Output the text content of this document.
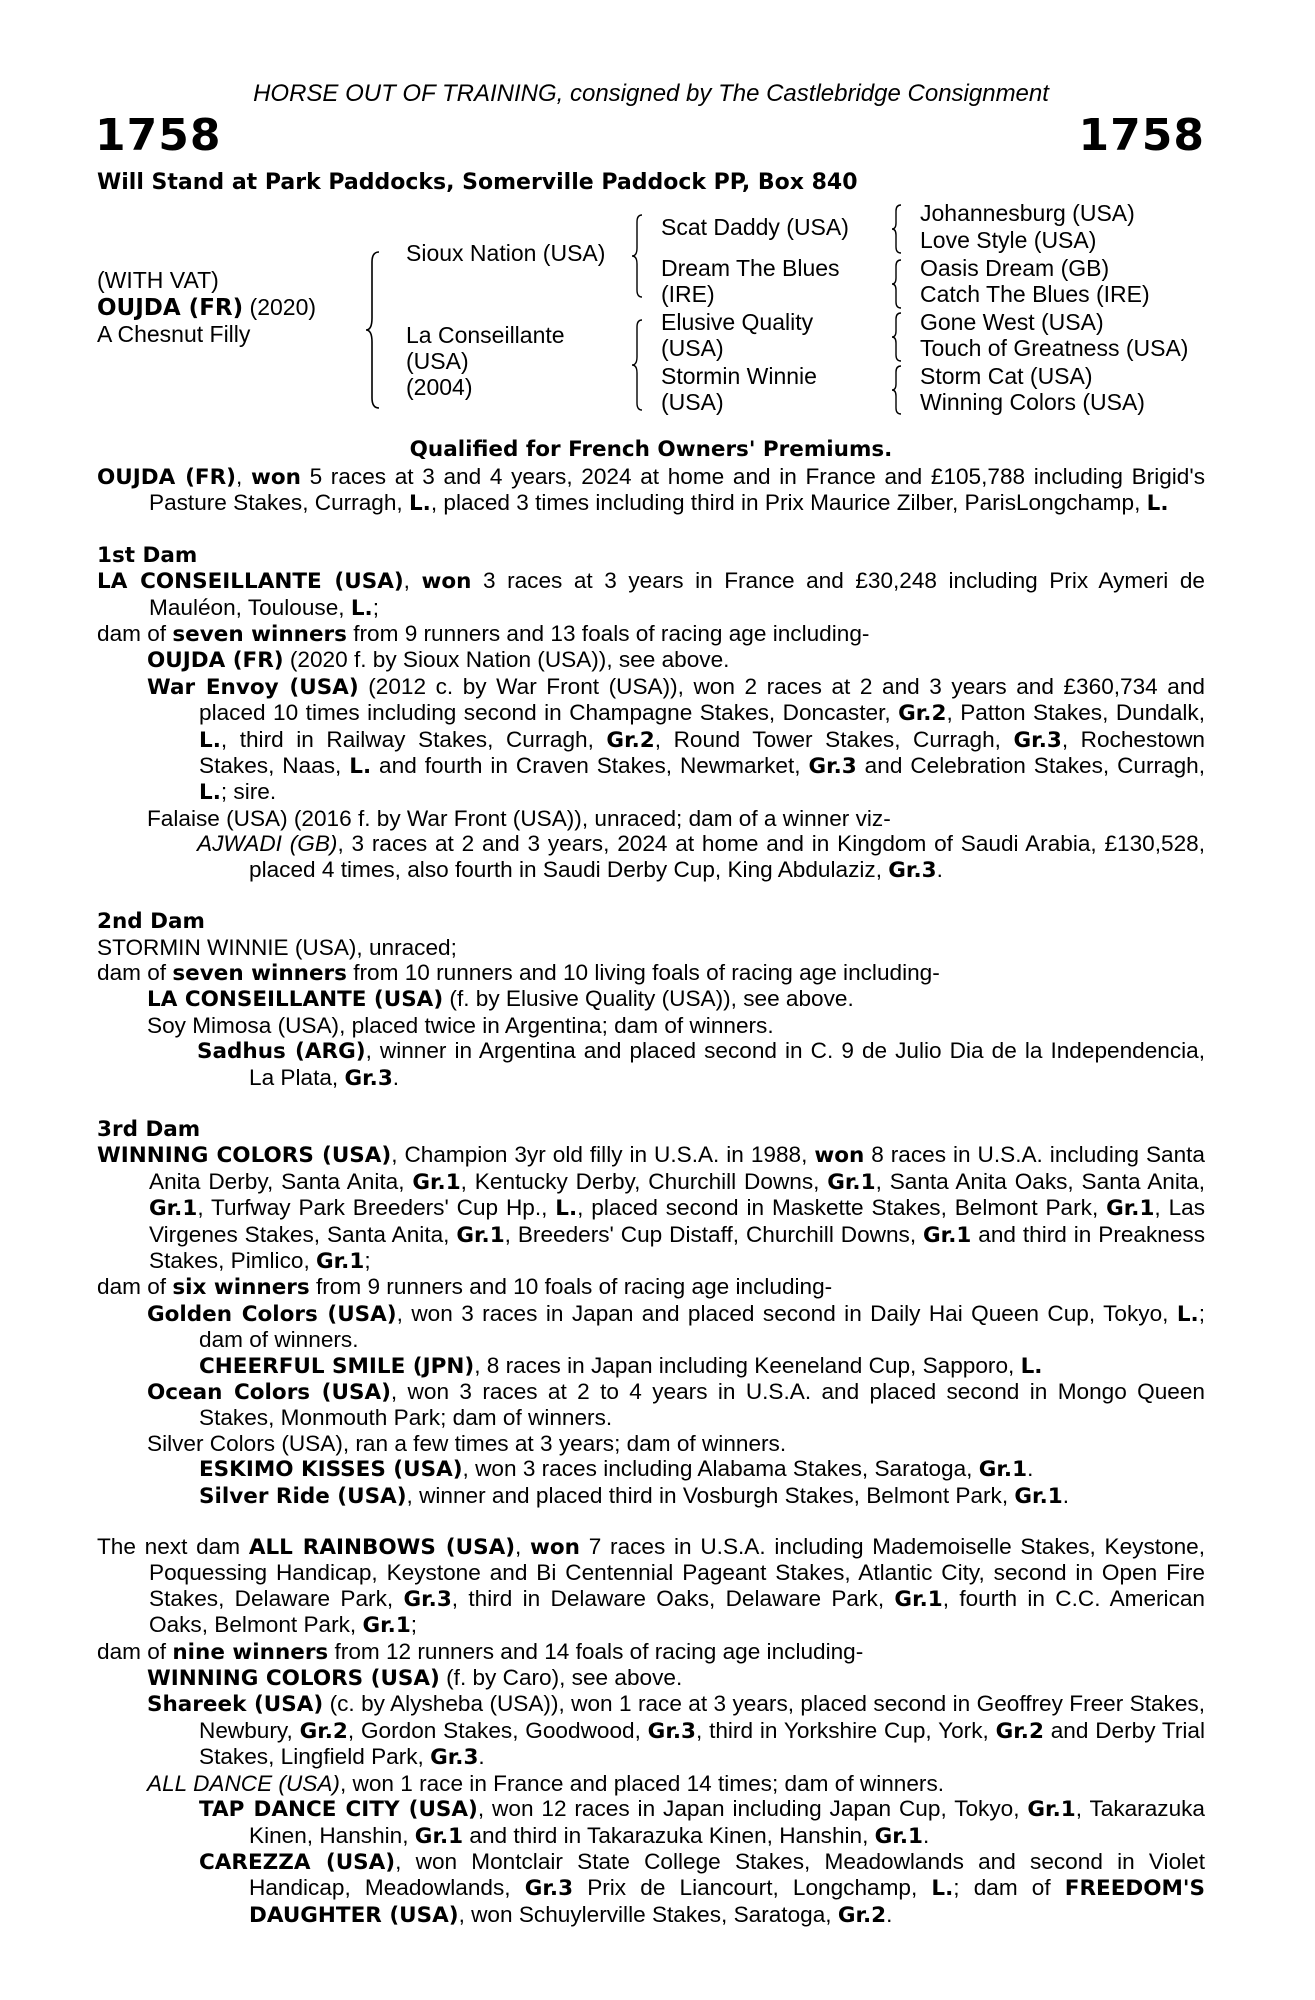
HORSE OUT OF TRAINING, consigned by The Castlebridge Consignment
1758	1758
Will Stand at Park Paddocks, Somerville Paddock PP, Box 840
(WITH VAT)
OUJDA (FR) (2020)
A Chesnut Filly
Sioux Nation (USA)
La Conseillante
(USA)
(2004)
Scat Daddy (USA)
Dream The Blues
(IRE)
Elusive Quality
(USA)
Stormin Winnie
(USA)
Johannesburg (USA)
Love Style (USA)
Oasis Dream (GB)
Catch The Blues (IRE)
Gone West (USA)
Touch of Greatness (USA)
Storm Cat (USA)
Winning Colors (USA)
Qualified for French Owners' Premiums.

OUJDA (FR), won 5 races at 3 and 4 years, 2024 at home and in France and £105,788 including Brigid's Pasture Stakes, Curragh, L., placed 3 times including third in Prix Maurice Zilber, ParisLongchamp, L.

1st Dam

LA CONSEILLANTE (USA), won 3 races at 3 years in France and £30,248 including Prix Aymeri de Mauléon, Toulouse, L.;

dam of seven winners from 9 runners and 13 foals of racing age including-

OUJDA (FR) (2020 f. by Sioux Nation (USA)), see above.

War Envoy (USA) (2012 c. by War Front (USA)), won 2 races at 2 and 3 years and £360,734 and placed 10 times including second in Champagne Stakes, Doncaster, Gr.2, Patton Stakes, Dundalk, L., third in Railway Stakes, Curragh, Gr.2, Round Tower Stakes, Curragh, Gr.3, Rochestown Stakes, Naas, L. and fourth in Craven Stakes, Newmarket, Gr.3 and Celebration Stakes, Curragh, L.; sire.

Falaise (USA) (2016 f. by War Front (USA)), unraced; dam of a winner viz-

AJWADI (GB), 3 races at 2 and 3 years, 2024 at home and in Kingdom of Saudi Arabia, £130,528, placed 4 times, also fourth in Saudi Derby Cup, King Abdulaziz, Gr.3.

2nd Dam

STORMIN WINNIE (USA), unraced;

dam of seven winners from 10 runners and 10 living foals of racing age including-

LA CONSEILLANTE (USA) (f. by Elusive Quality (USA)), see above.

Soy Mimosa (USA), placed twice in Argentina; dam of winners.

Sadhus (ARG), winner in Argentina and placed second in C. 9 de Julio Dia de la Independencia, La Plata, Gr.3.

3rd Dam

WINNING COLORS (USA), Champion 3yr old filly in U.S.A. in 1988, won 8 races in U.S.A. including Santa Anita Derby, Santa Anita, Gr.1, Kentucky Derby, Churchill Downs, Gr.1, Santa Anita Oaks, Santa Anita, Gr.1, Turfway Park Breeders' Cup Hp., L., placed second in Maskette Stakes, Belmont Park, Gr.1, Las Virgenes Stakes, Santa Anita, Gr.1, Breeders' Cup Distaff, Churchill Downs, Gr.1 and third in Preakness Stakes, Pimlico, Gr.1;

dam of six winners from 9 runners and 10 foals of racing age including-

Golden Colors (USA), won 3 races in Japan and placed second in Daily Hai Queen Cup, Tokyo, L.; dam of winners.

CHEERFUL SMILE (JPN), 8 races in Japan including Keeneland Cup, Sapporo, L.

Ocean Colors (USA), won 3 races at 2 to 4 years in U.S.A. and placed second in Mongo Queen Stakes, Monmouth Park; dam of winners.

Silver Colors (USA), ran a few times at 3 years; dam of winners.

ESKIMO KISSES (USA), won 3 races including Alabama Stakes, Saratoga, Gr.1.

Silver Ride (USA), winner and placed third in Vosburgh Stakes, Belmont Park, Gr.1.

The next dam ALL RAINBOWS (USA), won 7 races in U.S.A. including Mademoiselle Stakes, Keystone, Poquessing Handicap, Keystone and Bi Centennial Pageant Stakes, Atlantic City, second in Open Fire Stakes, Delaware Park, Gr.3, third in Delaware Oaks, Delaware Park, Gr.1, fourth in C.C. American Oaks, Belmont Park, Gr.1;

dam of nine winners from 12 runners and 14 foals of racing age including-

WINNING COLORS (USA) (f. by Caro), see above.

Shareek (USA) (c. by Alysheba (USA)), won 1 race at 3 years, placed second in Geoffrey Freer Stakes, Newbury, Gr.2, Gordon Stakes, Goodwood, Gr.3, third in Yorkshire Cup, York, Gr.2 and Derby Trial Stakes, Lingfield Park, Gr.3.

ALL DANCE (USA), won 1 race in France and placed 14 times; dam of winners.

TAP DANCE CITY (USA), won 12 races in Japan including Japan Cup, Tokyo, Gr.1, Takarazuka Kinen, Hanshin, Gr.1 and third in Takarazuka Kinen, Hanshin, Gr.1.

CAREZZA (USA), won Montclair State College Stakes, Meadowlands and second in Violet Handicap, Meadowlands, Gr.3 Prix de Liancourt, Longchamp, L.; dam of FREEDOM'S DAUGHTER (USA), won Schuylerville Stakes, Saratoga, Gr.2.
